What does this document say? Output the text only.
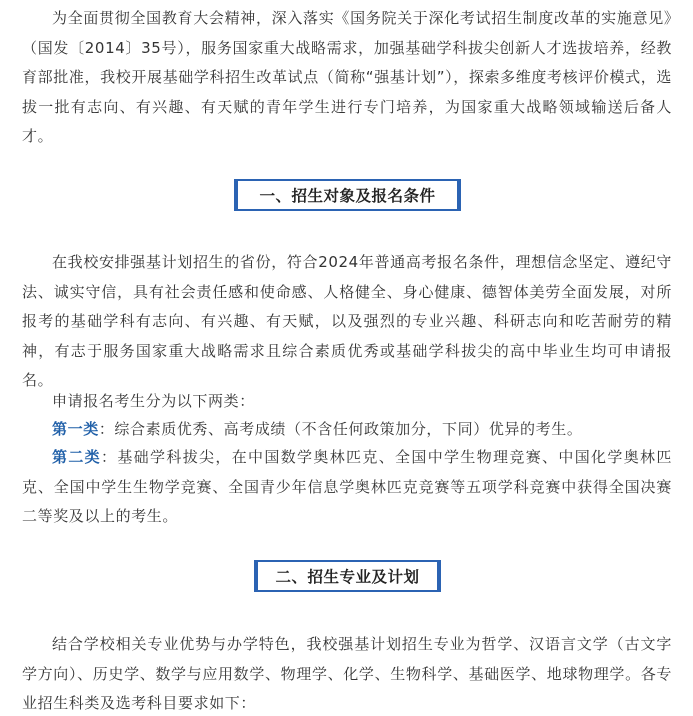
为全面贯彻全国教育大会精神，深入落实《国务院关于深化考试招生制度改革的实施意见》（国发〔2014〕35号），服务国家重大战略需求，加强基础学科拔尖创新人才选拔培养，经教育部批准，我校开展基础学科招生改革试点（简称“强基计划”），探索多维度考核评价模式，选拔一批有志向、有兴趣、有天赋的青年学生进行专门培养，为国家重大战略领域输送后备人才。

一、招生对象及报名条件

在我校安排强基计划招生的省份，符合2024年普通高考报名条件，理想信念坚定、遵纪守法、诚实守信，具有社会责任感和使命感、人格健全、身心健康、德智体美劳全面发展，对所报考的基础学科有志向、有兴趣、有天赋，以及强烈的专业兴趣、科研志向和吃苦耐劳的精神，有志于服务国家重大战略需求且综合素质优秀或基础学科拔尖的高中毕业生均可申请报名。

申请报名考生分为以下两类：

第一类：综合素质优秀、高考成绩（不含任何政策加分，下同）优异的考生。

第二类：基础学科拔尖，在中国数学奥林匹克、全国中学生物理竞赛、中国化学奥林匹克、全国中学生生物学竞赛、全国青少年信息学奥林匹克竞赛等五项学科竞赛中获得全国决赛二等奖及以上的考生。

二、招生专业及计划

结合学校相关专业优势与办学特色，我校强基计划招生专业为哲学、汉语言文学（古文字学方向）、历史学、数学与应用数学、物理学、化学、生物科学、基础医学、地球物理学。各专业招生科类及选考科目要求如下：
